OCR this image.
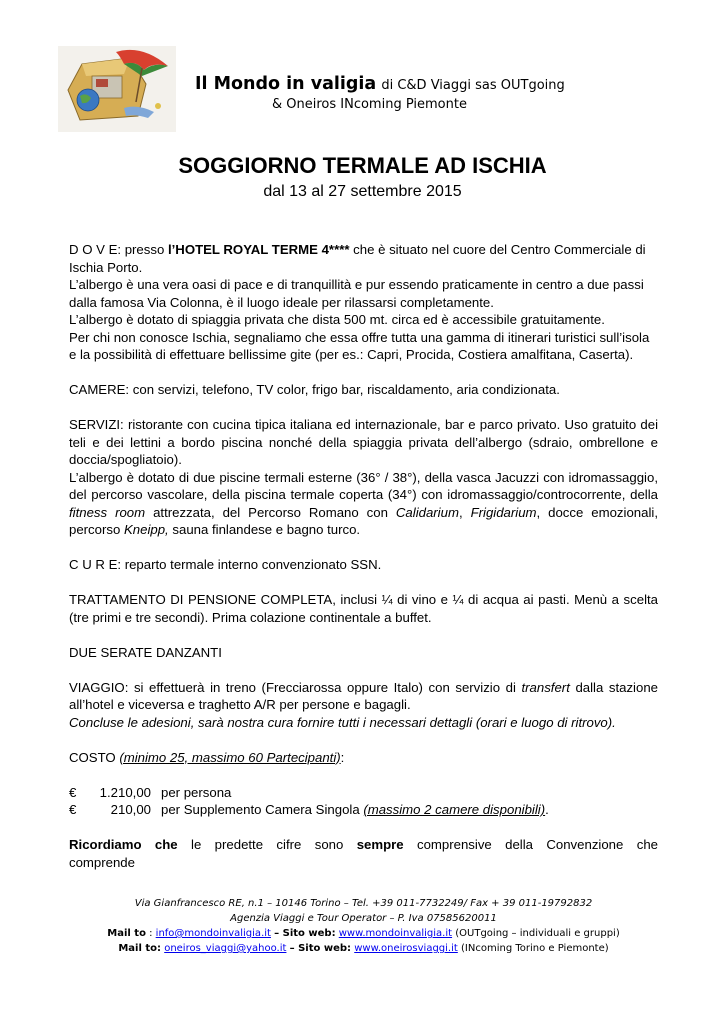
Il Mondo in valigia di C&D Viaggi sas OUTgoing
& Oneiros INcoming Piemonte
SOGGIORNO TERMALE AD ISCHIA
dal 13 al 27 settembre 2015

D O V E: presso l’HOTEL ROYAL TERME 4**** che è situato nel cuore del Centro Commerciale di Ischia Porto.
L’albergo è una vera oasi di pace e di tranquillità e pur essendo praticamente in centro a due passi dalla famosa Via Colonna, è il luogo ideale per rilassarsi completamente.
L’albergo è dotato di spiaggia privata che dista 500 mt. circa ed è accessibile gratuitamente.
Per chi non conosce Ischia, segnaliamo che essa offre tutta una gamma di itinerari turistici sull’isola e la possibilità di effettuare bellissime gite (per es.: Capri, Procida, Costiera amalfitana, Caserta).

CAMERE: con servizi, telefono, TV color, frigo bar, riscaldamento, aria condizionata.

SERVIZI: ristorante con cucina tipica italiana ed internazionale, bar e parco privato. Uso gratuito dei teli e dei lettini a bordo piscina nonché della spiaggia privata dell’albergo (sdraio, ombrellone e doccia/spogliatoio).
L’albergo è dotato di due piscine termali esterne (36° / 38°), della vasca Jacuzzi con idromassaggio, del percorso vascolare, della piscina termale coperta (34°) con idromassaggio/controcorrente, della fitness room attrezzata, del Percorso Romano con Calidarium, Frigidarium, docce emozionali, percorso Kneipp, sauna finlandese e bagno turco.

C U R E: reparto termale interno convenzionato SSN.

TRATTAMENTO DI PENSIONE COMPLETA, inclusi ¼ di vino e ¼ di acqua ai pasti. Menù a scelta (tre primi e tre secondi). Prima colazione continentale a buffet.

DUE SERATE DANZANTI

VIAGGIO: si effettuerà in treno (Frecciarossa oppure Italo) con servizio di transfert dalla stazione all’hotel e viceversa e traghetto A/R per persone e bagagli.
Concluse le adesioni, sarà nostra cura fornire tutti i necessari dettagli (orari e luogo di ritrovo).

COSTO (minimo 25, massimo 60 Partecipanti):

€	1.210,00 per persona
€	210,00 per Supplemento Camera Singola
(massimo 2 camere disponibili) .

Ricordiamo che le predette cifre sono sempre comprensive della Convenzione che comprende

Via Gianfrancesco RE, n.1 – 10146 Torino – Tel. +39 011-7732249/ Fax + 39 011-19792832
Agenzia Viaggi e Tour Operator – P. Iva 07585620011
Mail to : info@mondoinvaligia.it – Sito web: www.mondoinvaligia.it (OUTgoing – individuali e gruppi)
Mail to: oneiros_viaggi@yahoo.it – Sito web: www.oneirosviaggi.it (INcoming Torino e Piemonte)
